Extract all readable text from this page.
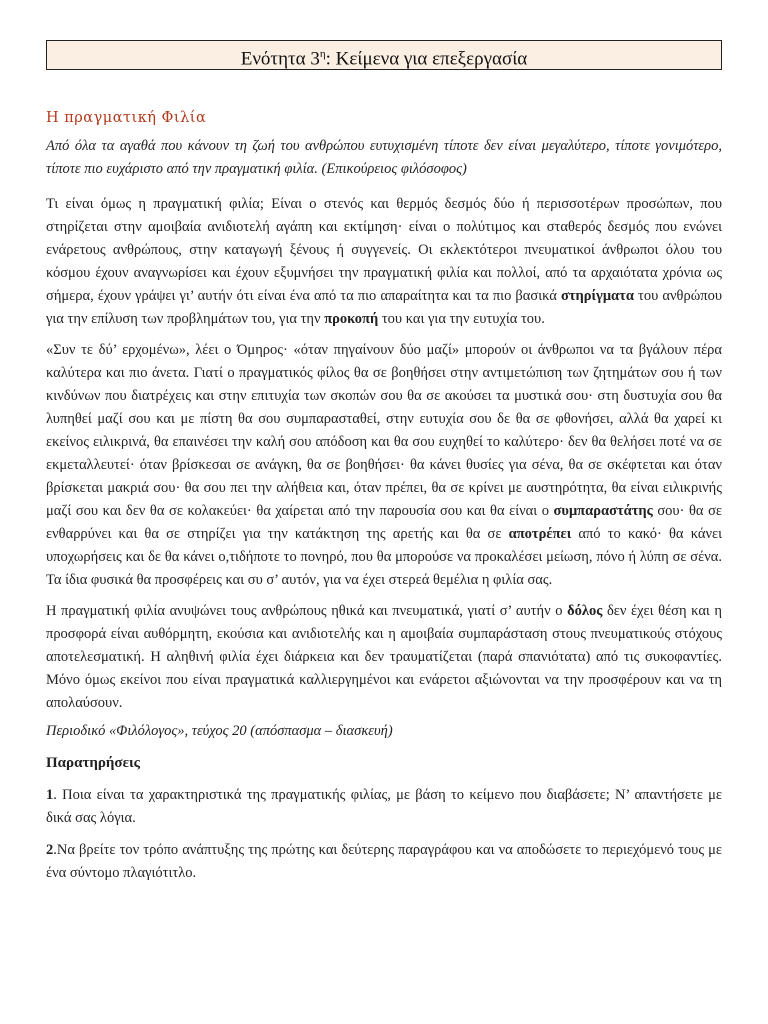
Ενότητα $3^\eta$: Κείμενα για επεξεργασία
Η πραγματική Φιλία

Από όλα τα αγαθά που κάνουν τη ζωή του ανθρώπου ευτυχισμένη τίποτε δεν είναι μεγαλύτερο, τίποτε γονιμότερο, τίποτε πιο ευχάριστο από την πραγματική φιλία. (Επικούρειος φιλόσοφος)

Τι είναι όμως η πραγματική φιλία; Είναι ο στενός και θερμός δεσμός δύο ή περισσοτέρων προσώπων, που στηρίζεται στην αμοιβαία ανιδιοτελή αγάπη και εκτίμηση· είναι ο πολύτιμος και σταθερός δεσμός που ενώνει ενάρετους ανθρώπους, στην καταγωγή ξένους ή συγγενείς. Οι εκλεκτότεροι πνευματικοί άνθρωποι όλου του κόσμου έχουν αναγνωρίσει και έχουν εξυμνήσει την πραγματική φιλία και πολλοί, από τα αρχαιότατα χρόνια ως σήμερα, έχουν γράψει γι’ αυτήν ότι είναι ένα από τα πιο απαραίτητα και τα πιο βασικά στηρίγματα του ανθρώπου για την επίλυση των προβλημάτων του, για την προκοπή του και για την ευτυχία του.

«Συν τε δύ’ ερχομένω», λέει ο Όμηρος· «όταν πηγαίνουν δύο μαζί» μπορούν οι άνθρωποι να τα βγάλουν πέρα καλύτερα και πιο άνετα. Γιατί ο πραγματικός φίλος θα σε βοηθήσει στην αντιμετώπιση των ζητημάτων σου ή των κινδύνων που διατρέχεις και στην επιτυχία των σκοπών σου θα σε ακούσει τα μυστικά σου· στη δυστυχία σου θα λυπηθεί μαζί σου και με πίστη θα σου συμπαρασταθεί, στην ευτυχία σου δε θα σε φθονήσει, αλλά θα χαρεί κι εκείνος ειλικρινά, θα επαινέσει την καλή σου απόδοση και θα σου ευχηθεί το καλύτερο· δεν θα θελήσει ποτέ να σε εκμεταλλευτεί· όταν βρίσκεσαι σε ανάγκη, θα σε βοηθήσει· θα κάνει θυσίες για σένα, θα σε σκέφτεται και όταν βρίσκεται μακριά σου· θα σου πει την αλήθεια και, όταν πρέπει, θα σε κρίνει με αυστηρότητα, θα είναι ειλικρινής μαζί σου και δεν θα σε κολακεύει· θα χαίρεται από την παρουσία σου και θα είναι ο συμπαραστάτης σου· θα σε ενθαρρύνει και θα σε στηρίζει για την κατάκτηση της αρετής και θα σε αποτρέπει από το κακό· θα κάνει υποχωρήσεις και δε θα κάνει ο,τιδήποτε το πονηρό, που θα μπορούσε να προκαλέσει μείωση, πόνο ή λύπη σε σένα. Τα ίδια φυσικά θα προσφέρεις και συ σ’ αυτόν, για να έχει στερεά θεμέλια η φιλία σας.

Η πραγματική φιλία ανυψώνει τους ανθρώπους ηθικά και πνευματικά, γιατί σ’ αυτήν ο δόλος δεν έχει θέση και η προσφορά είναι αυθόρμητη, εκούσια και ανιδιοτελής και η αμοιβαία συμπαράσταση στους πνευματικούς στόχους αποτελεσματική. Η αληθινή φιλία έχει διάρκεια και δεν τραυματίζεται (παρά σπανιότατα) από τις συκοφαντίες. Μόνο όμως εκείνοι που είναι πραγματικά καλλιεργημένοι και ενάρετοι αξιώνονται να την προσφέρουν και να τη απολαύσουν.

Περιοδικό «Φιλόλογος», τεύχος 20 (απόσπασμα – διασκευή)

Παρατηρήσεις

1. Ποια είναι τα χαρακτηριστικά της πραγματικής φιλίας, με βάση το κείμενο που διαβάσετε; Ν’ απαντήσετε με δικά σας λόγια.

2.Να βρείτε τον τρόπο ανάπτυξης της πρώτης και δεύτερης παραγράφου και να αποδώσετε το περιεχόμενό τους με ένα σύντομο πλαγιότιτλο.
